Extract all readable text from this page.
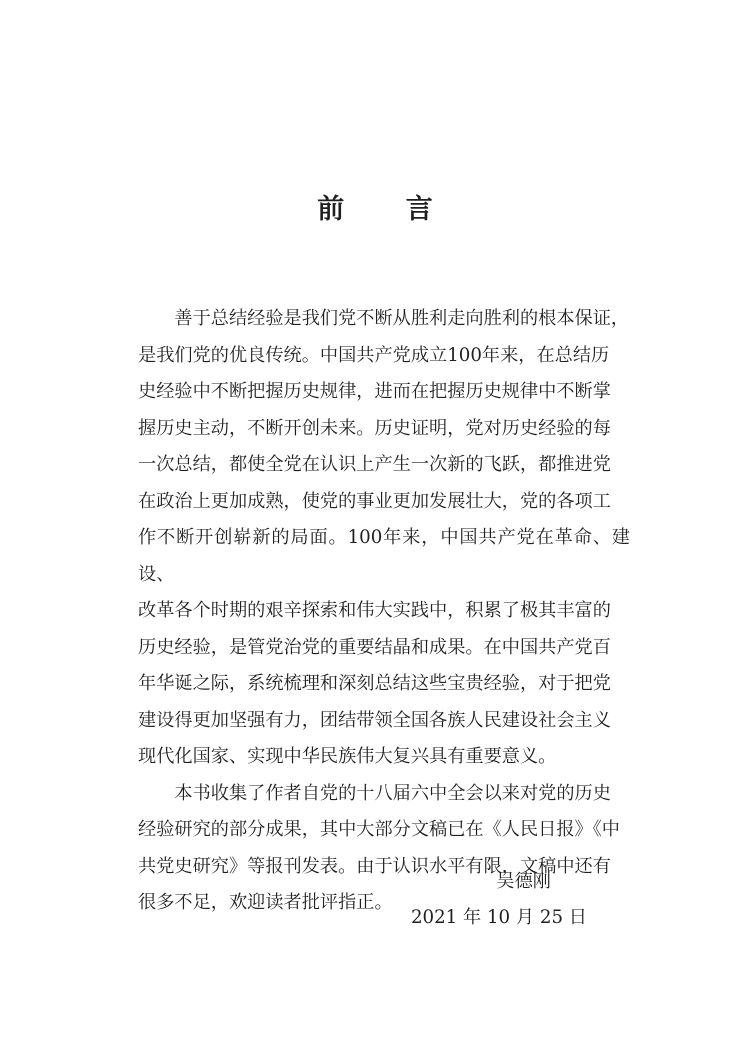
前 言

善于总结经验是我们党不断从胜利走向胜利的根本保证，
是我们党的优良传统。中国共产党成立100年来，在总结历
史经验中不断把握历史规律，进而在把握历史规律中不断掌
握历史主动，不断开创未来。历史证明，党对历史经验的每
一次总结，都使全党在认识上产生一次新的飞跃，都推进党
在政治上更加成熟，使党的事业更加发展壮大，党的各项工
作不断开创崭新的局面。100年来，中国共产党在革命、建设、
改革各个时期的艰辛探索和伟大实践中，积累了极其丰富的
历史经验，是管党治党的重要结晶和成果。在中国共产党百
年华诞之际，系统梳理和深刻总结这些宝贵经验，对于把党
建设得更加坚强有力，团结带领全国各族人民建设社会主义
现代化国家、实现中华民族伟大复兴具有重要意义。

本书收集了作者自党的十八届六中全会以来对党的历史
经验研究的部分成果，其中大部分文稿已在《人民日报》《中
共党史研究》等报刊发表。由于认识水平有限，文稿中还有
很多不足，欢迎读者批评指正。

吴德刚
2021 年 10 月 25 日
